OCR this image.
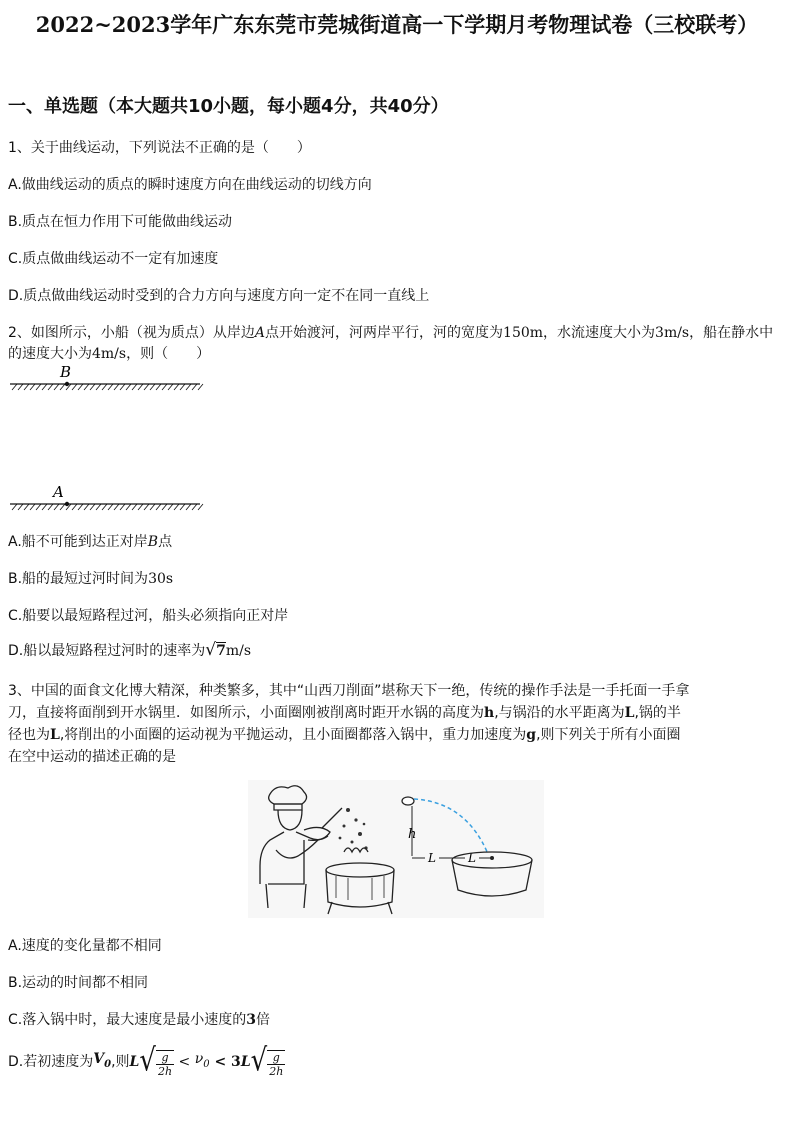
2022~2023学年广东东莞市莞城街道高一下学期月考物理试卷（三校联考）
一、单选题（本大题共10小题，每小题4分，共40分）
1、关于曲线运动，下列说法不正确的是（　　）
A.做曲线运动的质点的瞬时速度方向在曲线运动的切线方向
B.质点在恒力作用下可能做曲线运动
C.质点做曲线运动不一定有加速度
D.质点做曲线运动时受到的合力方向与速度方向一定不在同一直线上
2、如图所示，小船（视为质点）从岸边A点开始渡河，河两岸平行，河的宽度为150m，水流速度大小为3m/s，船在静水中的速度大小为4m/s，则（　　）
B
A
A.船不可能到达正对岸B点
B.船的最短过河时间为30s
C.船要以最短路程过河，船头必须指向正对岸
D.船以最短路程过河时的速率为√7m/s
3、中国的面食文化博大精深，种类繁多，其中“山西刀削面”堪称天下一绝，传统的操作手法是一手托面一手拿
刀，直接将面削到开水锅里．如图所示，小面圈刚被削离时距开水锅的高度为h,与锅沿的水平距离为L,锅的半
径也为L,将削出的小面圈的运动视为平抛运动，且小面圈都落入锅中，重力加速度为g,则下列关于所有小面圈
在空中运动的描述正确的是
h
L	L
A.速度的变化量都不相同
B.运动的时间都不相同
C.落入锅中时，最大速度是最小速度的3倍
D.若初速度为 $V_0$ ,则 L √ $\frac{g}{2h} < \nu_0 < 3$ L √ $\frac{g}{2h}$
